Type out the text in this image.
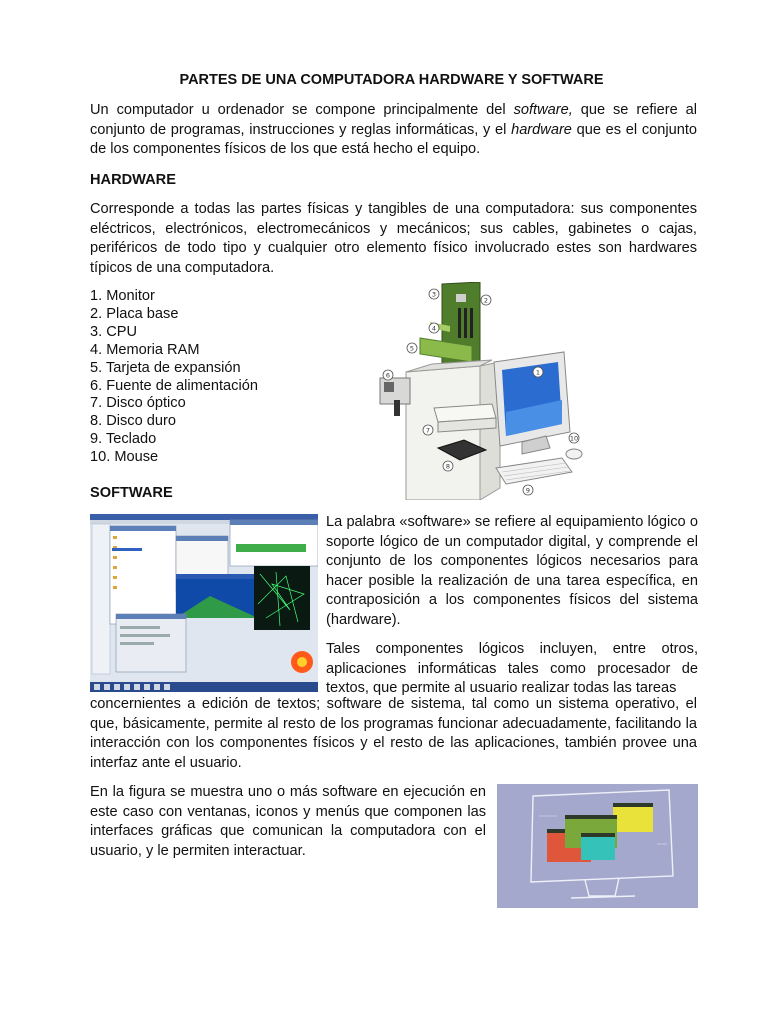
PARTES DE UNA COMPUTADORA HARDWARE Y SOFTWARE

Un computador u ordenador se compone principalmente del software, que se refiere al conjunto de programas, instrucciones y reglas informáticas, y el hardware que es el conjunto de los componentes físicos de los que está hecho el equipo.

HARDWARE

Corresponde a todas las partes físicas y tangibles de una computadora: sus componentes eléctricos, electrónicos, electromecánicos y mecánicos; sus cables, gabinetes o cajas, periféricos de todo tipo y cualquier otro elemento físico involucrado estes son hardwares típicos de una computadora.

1. Monitor
2. Placa base
3. CPU
4. Memoria RAM
5. Tarjeta de expansión
6. Fuente de alimentación
7. Disco óptico
8. Disco duro
9. Teclado
10. Mouse
3
2
4
5
6	1
7
10
8
9
SOFTWARE

La palabra «software» se refiere al equipamiento lógico o soporte lógico de un computador digital, y comprende el conjunto de los componentes lógicos necesarios para hacer posible la realización de una tarea específica, en contraposición a los componentes físicos del sistema (hardware).

Tales componentes lógicos incluyen, entre otros, aplicaciones informáticas tales como procesador de textos, que permite al usuario realizar todas las tareas

concernientes a edición de textos; software de sistema, tal como un sistema operativo, el que, básicamente, permite al resto de los programas funcionar adecuadamente, facilitando la interacción con los componentes físicos y el resto de las aplicaciones, también provee una interfaz ante el usuario.

En la figura se muestra uno o más software en ejecución en este caso con ventanas, iconos y menús que componen las interfaces gráficas que comunican la computadora con el usuario, y le permiten interactuar.
